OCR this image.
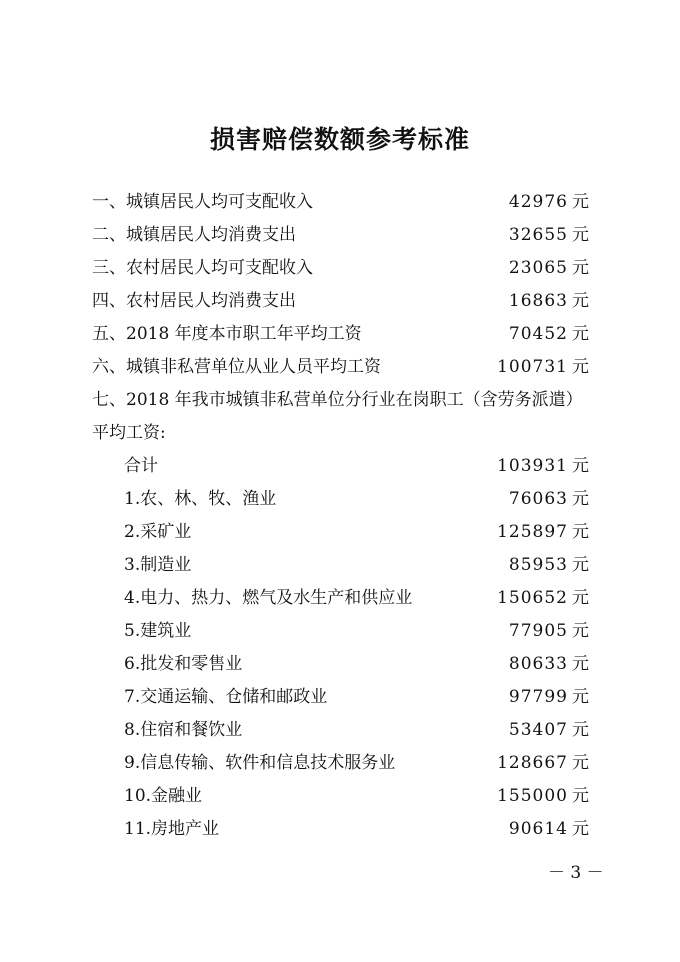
损害赔偿数额参考标准
一、城镇居民人均可支配收入	42976 元
二、城镇居民人均消费支出	32655 元
三、农村居民人均可支配收入	23065 元
四、农村居民人均消费支出	16863 元
五、2018 年度本市职工年平均工资	70452 元
六、城镇非私营单位从业人员平均工资	100731 元
七、2018 年我市城镇非私营单位分行业在岗职工（含劳务派遣）
平均工资:
合计	103931 元
1.农、林、牧、渔业	76063 元
2.采矿业	125897 元
3.制造业	85953 元
4.电力、热力、燃气及水生产和供应业	150652 元
5.建筑业	77905 元
6.批发和零售业	80633 元
7.交通运输、仓储和邮政业	97799 元
8.住宿和餐饮业	53407 元
9.信息传输、软件和信息技术服务业	128667 元
10.金融业	155000 元
11.房地产业	90614 元
－ 3 －
